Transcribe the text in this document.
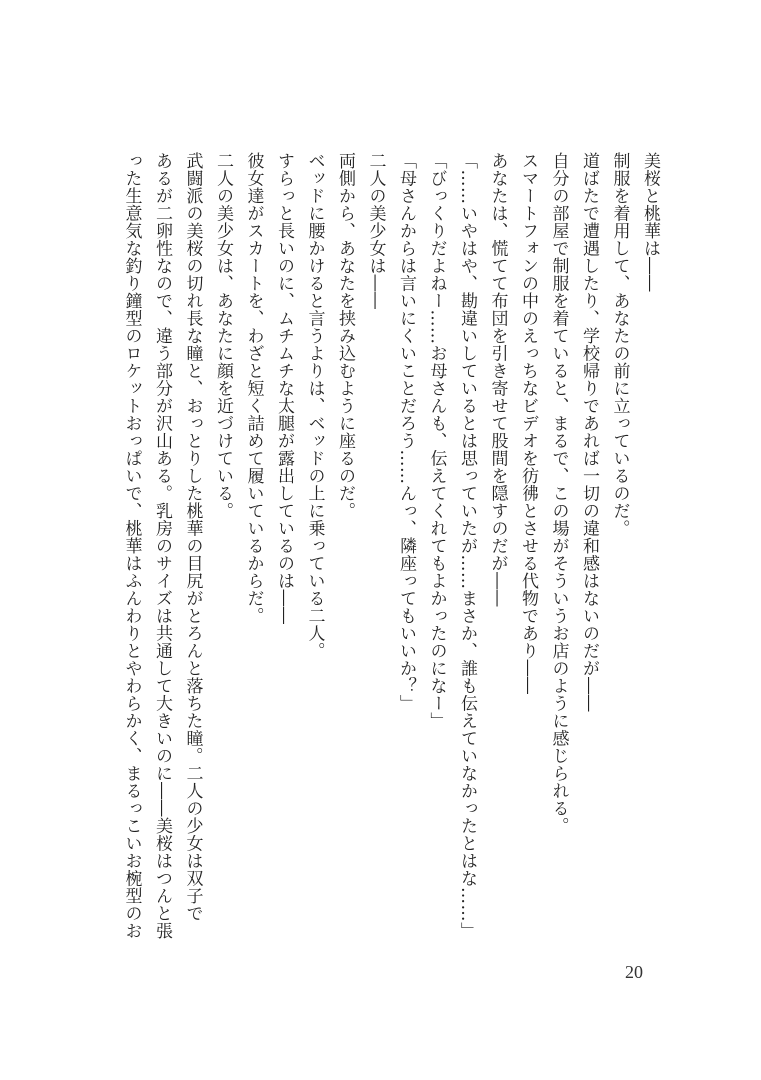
美桜と桃華は――
制服を着用して、あなたの前に立っているのだ。
道ばたで遭遇したり、学校帰りであれば一切の違和感はないのだが――
自分の部屋で制服を着ていると、まるで、この場がそういうお店のように感じられる。
スマートフォンの中のえっちなビデオを彷彿とさせる代物であり――
あなたは、慌てて布団を引き寄せて股間を隠すのだが――
「……いやはや、勘違いしているとは思っていたが……まさか、誰も伝えていなかったとはな……」
「びっくりだよねー……お母さんも、伝えてくれてもよかったのになー」
「母さんからは言いにくいことだろう……んっ、隣座ってもいいか？」
二人の美少女は――
両側から、あなたを挟み込むように座るのだ。
ベッドに腰かけると言うよりは、ベッドの上に乗っている二人。
すらっと長いのに、ムチムチな太腿が露出しているのは――
彼女達がスカートを、わざと短く詰めて履いているからだ。
二人の美少女は、あなたに顔を近づけている。
武闘派の美桜の切れ長な瞳と、おっとりした桃華の目尻がとろんと落ちた瞳。二人の少女は双子で
あるが二卵性なので、違う部分が沢山ある。乳房のサイズは共通して大きいのに――美桜はつんと張
った生意気な釣り鐘型のロケットおっぱいで、桃華はふんわりとやわらかく、まるっこいお椀型のお
20
